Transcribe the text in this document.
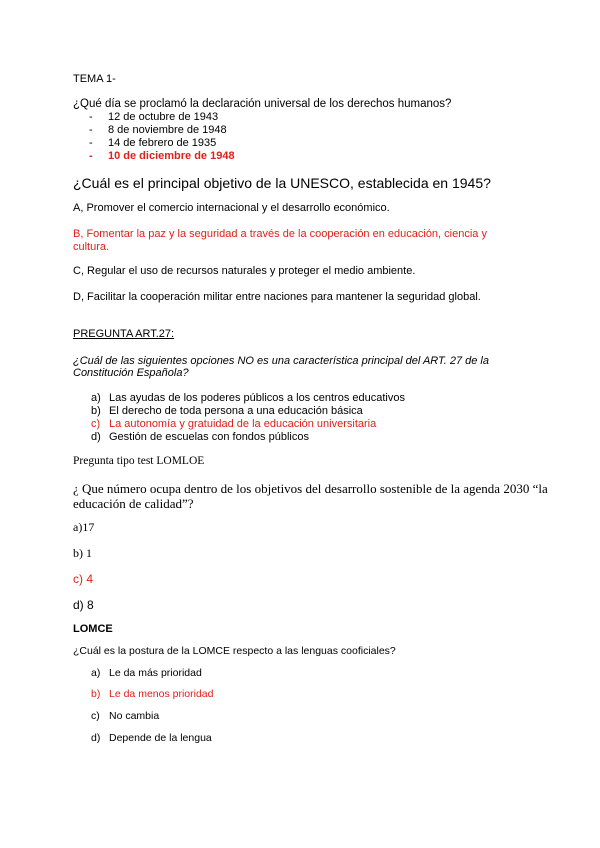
TEMA 1-
¿Qué día se proclamó la declaración universal de los derechos humanos?
- 12 de octubre de 1943
- 8 de noviembre de 1948
- 14 de febrero de 1935
- 10 de diciembre de 1948
¿Cuál es el principal objetivo de la UNESCO, establecida en 1945?
A, Promover el comercio internacional y el desarrollo económico.
B, Fomentar la paz y la seguridad a través de la cooperación en educación, ciencia y
cultura.
C, Regular el uso de recursos naturales y proteger el medio ambiente.
D, Facilitar la cooperación militar entre naciones para mantener la seguridad global.
PREGUNTA ART.27:
¿Cuál de las siguientes opciones NO es una característica principal del ART. 27 de la
Constitución Española?
a) Las ayudas de los poderes públicos a los centros educativos
b) El derecho de toda persona a una educación básica
c) La autonomía y gratuidad de la educación universitaria
d) Gestión de escuelas con fondos públicos
Pregunta tipo test LOMLOE
¿ Que número ocupa dentro de los objetivos del desarrollo sostenible de la agenda 2030 “la
educación de calidad”?
a)17
b) 1
c) 4
d) 8
LOMCE
¿Cuál es la postura de la LOMCE respecto a las lenguas cooficiales?
a) Le da más prioridad
b) Le da menos prioridad
c) No cambia
d) Depende de la lengua
